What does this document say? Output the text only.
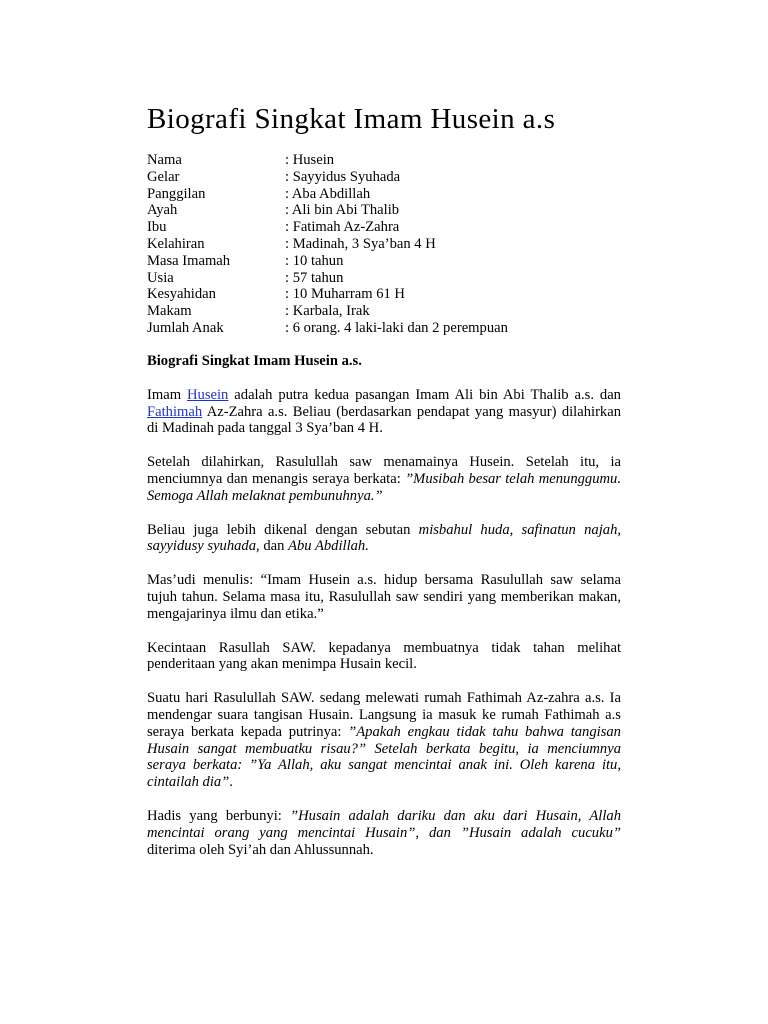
Biografi Singkat Imam Husein a.s
Nama	: Husein
Gelar	: Sayyidus Syuhada
Panggilan	: Aba Abdillah
Ayah	: Ali bin Abi Thalib
Ibu	: Fatimah Az-Zahra
Kelahiran	: Madinah, 3 Sya’ban 4 H
Masa Imamah	: 10 tahun
Usia	: 57 tahun
Kesyahidan	: 10 Muharram 61 H
Makam	: Karbala, Irak
Jumlah Anak	: 6 orang. 4 laki-laki dan 2 perempuan

Biografi Singkat Imam Husein a.s.

Imam Husein adalah putra kedua pasangan Imam Ali bin Abi Thalib a.s. dan Fathimah Az-Zahra a.s. Beliau (berdasarkan pendapat yang masyur) dilahirkan di Madinah pada tanggal 3 Sya’ban 4 H.

Setelah dilahirkan, Rasulullah saw menamainya Husein. Setelah itu, ia menciumnya dan menangis seraya berkata: ”Musibah besar telah menunggumu. Semoga Allah melaknat pembunuhnya.”

Beliau juga lebih dikenal dengan sebutan misbahul huda, safinatun najah, sayyidusy syuhada, dan Abu Abdillah.

Mas’udi menulis: “Imam Husein a.s. hidup bersama Rasulullah saw selama tujuh tahun. Selama masa itu, Rasulullah saw sendiri yang memberikan makan, mengajarinya ilmu dan etika.”

Kecintaan Rasullah SAW. kepadanya membuatnya tidak tahan melihat penderitaan yang akan menimpa Husain kecil.

Suatu hari Rasulullah SAW. sedang melewati rumah Fathimah Az-zahra a.s. Ia mendengar suara tangisan Husain. Langsung ia masuk ke rumah Fathimah a.s seraya berkata kepada putrinya: ”Apakah engkau tidak tahu bahwa tangisan Husain sangat membuatku risau?” Setelah berkata begitu, ia menciumnya seraya berkata: ”Ya Allah, aku sangat mencintai anak ini. Oleh karena itu, cintailah dia”.

Hadis yang berbunyi: ”Husain adalah dariku dan aku dari Husain, Allah mencintai orang yang mencintai Husain”, dan ”Husain adalah cucuku” diterima oleh Syi’ah dan Ahlussunnah.
